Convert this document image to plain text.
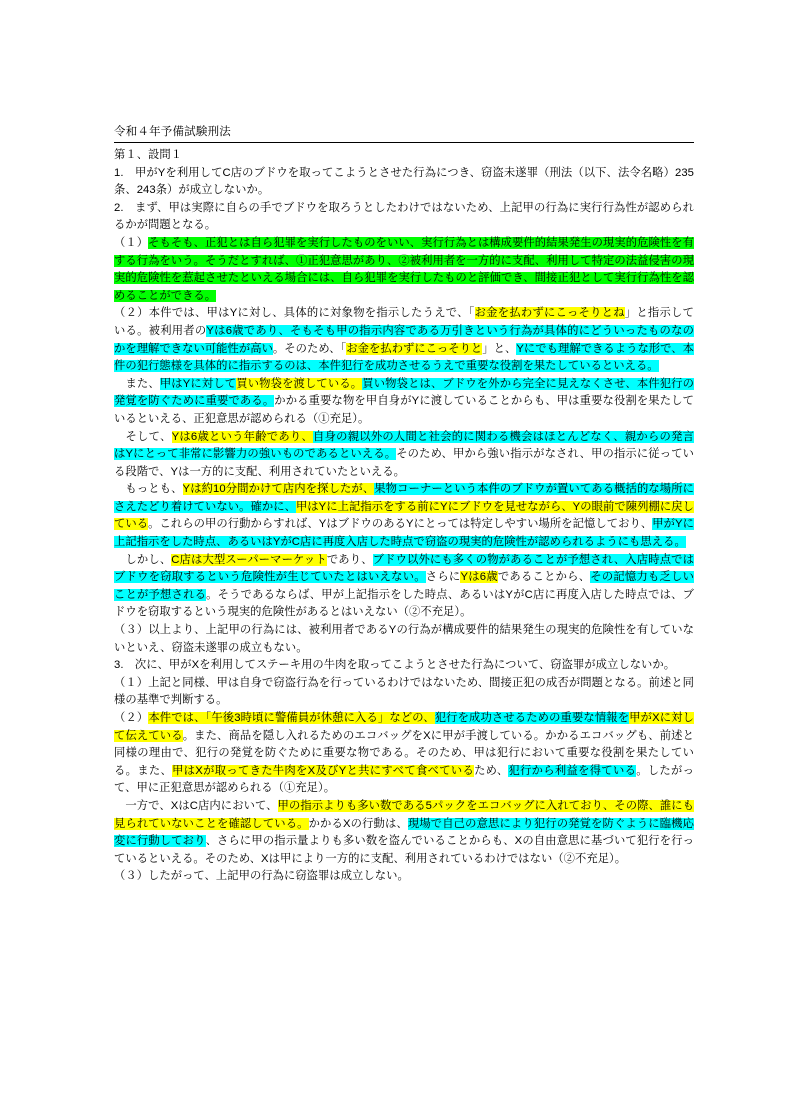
令和４年予備試験刑法
第１、設問１
1.　甲がYを利用してC店のブドウを取ってこようとさせた行為につき、窃盗未遂罪（刑法（以下、法令名略）235条、243条）が成立しないか。
2.　まず、甲は実際に自らの手でブドウを取ろうとしたわけではないため、上記甲の行為に実行行為性が認められるかが問題となる。
（１）そもそも、正犯とは自ら犯罪を実行したものをいい、実行行為とは構成要件的結果発生の現実的危険性を有する行為をいう。そうだとすれば、①正犯意思があり、②被利用者を一方的に支配、利用して特定の法益侵害の現実的危険性を惹起させたといえる場合には、自ら犯罪を実行したものと評価でき、間接正犯として実行行為性を認めることができる。
（２）本件では、甲はYに対し、具体的に対象物を指示したうえで、「お金を払わずにこっそりとね」と指示している。被利用者のYは6歳であり、そもそも甲の指示内容である万引きという行為が具体的にどういったものなのかを理解できない可能性が高い。そのため、「お金を払わずにこっそりと」と、Yにでも理解できるような形で、本件の犯行態様を具体的に指示するのは、本件犯行を成功させるうえで重要な役割を果たしているといえる。
　また、甲はYに対して買い物袋を渡している。買い物袋とは、ブドウを外から完全に見えなくさせ、本件犯行の発覚を防ぐために重要である。かかる重要な物を甲自身がYに渡していることからも、甲は重要な役割を果たしているといえる、正犯意思が認められる（①充足）。
　そして、Yは6歳という年齢であり、自身の親以外の人間と社会的に関わる機会はほとんどなく、親からの発言はYにとって非常に影響力の強いものであるといえる。そのため、甲から強い指示がなされ、甲の指示に従っている段階で、Yは一方的に支配、利用されていたといえる。
　もっとも、Yは約10分間かけて店内を探したが、果物コーナーという本件のブドウが置いてある概括的な場所にさえたどり着けていない。確かに、甲はYに上記指示をする前にYにブドウを見せながら、Yの眼前で陳列棚に戻している。これらの甲の行動からすれば、YはブドウのあるYにとっては特定しやすい場所を記憶しており、甲がYに上記指示をした時点、あるいはYがC店に再度入店した時点で窃盗の現実的危険性が認められるようにも思える。
　しかし、C店は大型スーパーマーケットであり、ブドウ以外にも多くの物があることが予想され、入店時点ではブドウを窃取するという危険性が生じていたとはいえない。さらにYは6歳であることから、その記憶力も乏しいことが予想される。そうであるならば、甲が上記指示をした時点、あるいはYがC店に再度入店した時点では、ブドウを窃取するという現実的危険性があるとはいえない（②不充足）。
（３）以上より、上記甲の行為には、被利用者であるYの行為が構成要件的結果発生の現実的危険性を有していないといえ、窃盗未遂罪の成立もない。
3.　次に、甲がXを利用してステーキ用の牛肉を取ってこようとさせた行為について、窃盗罪が成立しないか。
（１）上記と同様、甲は自身で窃盗行為を行っているわけではないため、間接正犯の成否が問題となる。前述と同様の基準で判断する。
（２）本件では、「午後3時頃に警備員が休憩に入る」などの、犯行を成功させるための重要な情報を甲がXに対して伝えている。また、商品を隠し入れるためのエコバッグをXに甲が手渡している。かかるエコバッグも、前述と同様の理由で、犯行の発覚を防ぐために重要な物である。そのため、甲は犯行において重要な役割を果たしている。また、甲はXが取ってきた牛肉をX及びYと共にすべて食べているため、犯行から利益を得ている。したがって、甲に正犯意思が認められる（①充足）。
　一方で、XはC店内において、甲の指示よりも多い数である5パックをエコバッグに入れており、その際、誰にも見られていないことを確認している。かかるXの行動は、現場で自己の意思により犯行の発覚を防ぐように臨機応変に行動しており、さらに甲の指示量よりも多い数を盗んでいることからも、Xの自由意思に基づいて犯行を行っているといえる。そのため、Xは甲により一方的に支配、利用されているわけではない（②不充足）。
（３）したがって、上記甲の行為に窃盗罪は成立しない。
